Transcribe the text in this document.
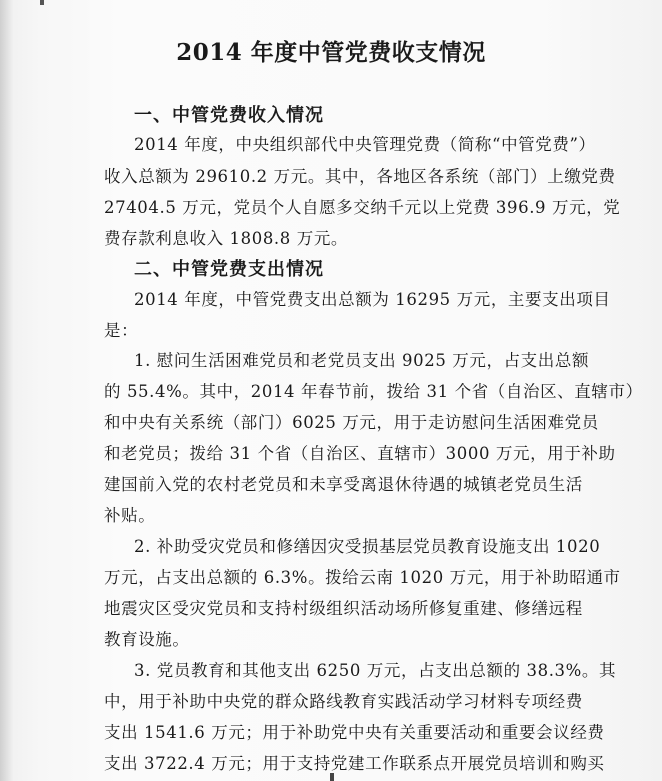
2014 年度中管党费收支情况
一、中管党费收入情况
2014 年度，中央组织部代中央管理党费（简称“中管党费”）
收入总额为 29610.2 万元。其中，各地区各系统（部门）上缴党费
27404.5 万元，党员个人自愿多交纳千元以上党费 396.9 万元，党
费存款利息收入 1808.8 万元。
二、中管党费支出情况
2014 年度，中管党费支出总额为 16295 万元，主要支出项目
是：
1. 慰问生活困难党员和老党员支出 9025 万元，占支出总额
的 55.4%。其中，2014 年春节前，拨给 31 个省（自治区、直辖市）
和中央有关系统（部门）6025 万元，用于走访慰问生活困难党员
和老党员；拨给 31 个省（自治区、直辖市）3000 万元，用于补助
建国前入党的农村老党员和未享受离退休待遇的城镇老党员生活
补贴。
2. 补助受灾党员和修缮因灾受损基层党员教育设施支出 1020
万元，占支出总额的 6.3%。拨给云南 1020 万元，用于补助昭通市
地震灾区受灾党员和支持村级组织活动场所修复重建、修缮远程
教育设施。
3. 党员教育和其他支出 6250 万元，占支出总额的 38.3%。其
中，用于补助中央党的群众路线教育实践活动学习材料专项经费
支出 1541.6 万元；用于补助党中央有关重要活动和重要会议经费
支出 3722.4 万元；用于支持党建工作联系点开展党员培训和购买
